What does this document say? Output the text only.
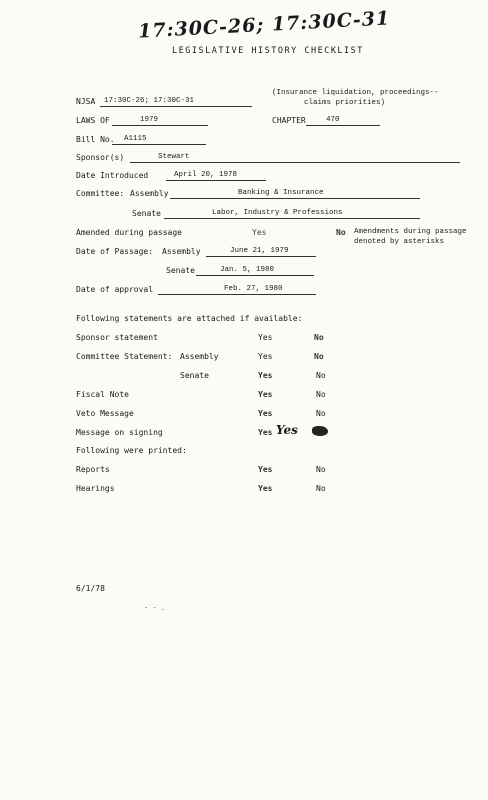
17:30C-26; 17:30C-31
LEGISLATIVE HISTORY CHECKLIST
NJSA 17:30C-26; 17:30C-31
(Insurance liquidation, proceedings--
claims priorities)
LAWS OF	1979	CHAPTER	470
Bill No. A1115
Sponsor(s)	Stewart
Date Introduced	April 20, 1978
Committee: Assembly	Banking & Insurance
Senate	Labor, Industry & Professions
Amended during passage	Yes	No Amendments during passage
denoted by asterisks
Date of Passage: Assembly	June 21, 1979
Senate	Jan. 5, 1980
Date of approval	Feb. 27, 1980
Following statements are attached if available:
Sponsor statement	Yes	No
Committee Statement: Assembly	Yes	No
Senate	Yes	No
Fiscal Note	Yes	No
Veto Message	Yes	No
Message on signing	Yes Yes
Following were printed:
Reports	Yes	No
Hearings	Yes	No
6/1/78
- - .
